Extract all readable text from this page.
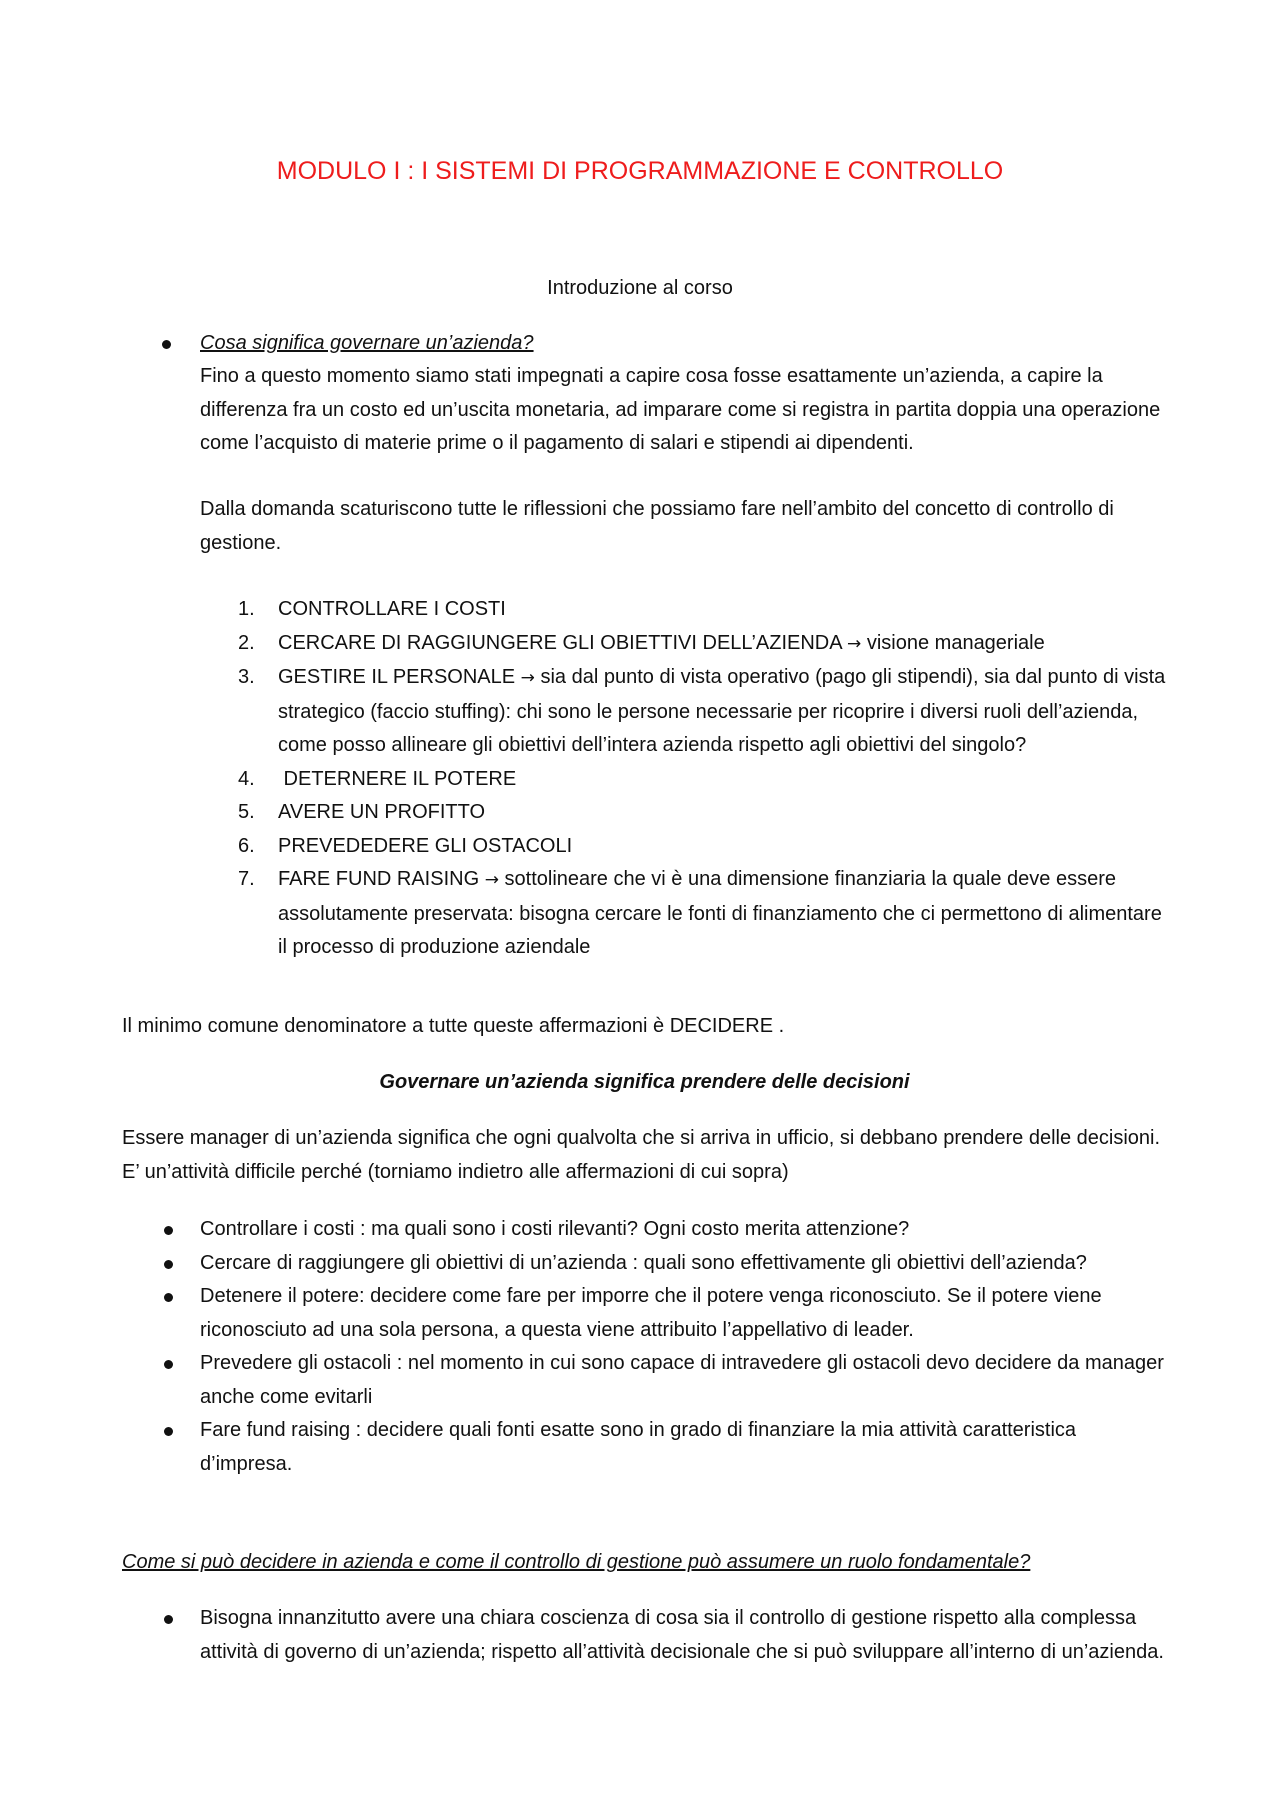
MODULO I : I SISTEMI DI PROGRAMMAZIONE E CONTROLLO
Introduzione al corso
Cosa significa governare un’azienda?

Fino a questo momento siamo stati impegnati a capire cosa fosse esattamente un’azienda, a capire la differenza fra un costo ed un’uscita monetaria, ad imparare come si registra in partita doppia una operazione come l’acquisto di materie prime o il pagamento di salari e stipendi ai dipendenti.

Dalla domanda scaturiscono tutte le riflessioni che possiamo fare nell’ambito del concetto di controllo di gestione.

1. CONTROLLARE I COSTI
2. CERCARE DI RAGGIUNGERE GLI OBIETTIVI DELL’AZIENDA → visione manageriale
3. GESTIRE IL PERSONALE → sia dal punto di vista operativo (pago gli stipendi), sia dal punto di vista strategico (faccio stuffing): chi sono le persone necessarie per ricoprire i diversi ruoli dell’azienda, come posso allineare gli obiettivi dell’intera azienda rispetto agli obiettivi del singolo?
4. DETERNERE IL POTERE
5. AVERE UN PROFITTO
6. PREVEDEDERE GLI OSTACOLI
7. FARE FUND RAISING → sottolineare che vi è una dimensione finanziaria la quale deve essere assolutamente preservata: bisogna cercare le fonti di finanziamento che ci permettono di alimentare il processo di produzione aziendale

Il minimo comune denominatore a tutte queste affermazioni è DECIDERE .

Governare un’azienda significa prendere delle decisioni

Essere manager di un’azienda significa che ogni qualvolta che si arriva in ufficio, si debbano prendere delle decisioni. E’ un’attività difficile perché (torniamo indietro alle affermazioni di cui sopra)

Controllare i costi : ma quali sono i costi rilevanti? Ogni costo merita attenzione?
Cercare di raggiungere gli obiettivi di un’azienda : quali sono effettivamente gli obiettivi dell’azienda?
Detenere il potere: decidere come fare per imporre che il potere venga riconosciuto. Se il potere viene riconosciuto ad una sola persona, a questa viene attribuito l’appellativo di leader.
Prevedere gli ostacoli : nel momento in cui sono capace di intravedere gli ostacoli devo decidere da manager anche come evitarli
Fare fund raising : decidere quali fonti esatte sono in grado di finanziare la mia attività caratteristica d’impresa.

Come si può decidere in azienda e come il controllo di gestione può assumere un ruolo fondamentale?

Bisogna innanzitutto avere una chiara coscienza di cosa sia il controllo di gestione rispetto alla complessa attività di governo di un’azienda; rispetto all’attività decisionale che si può sviluppare all’interno di un’azienda.
